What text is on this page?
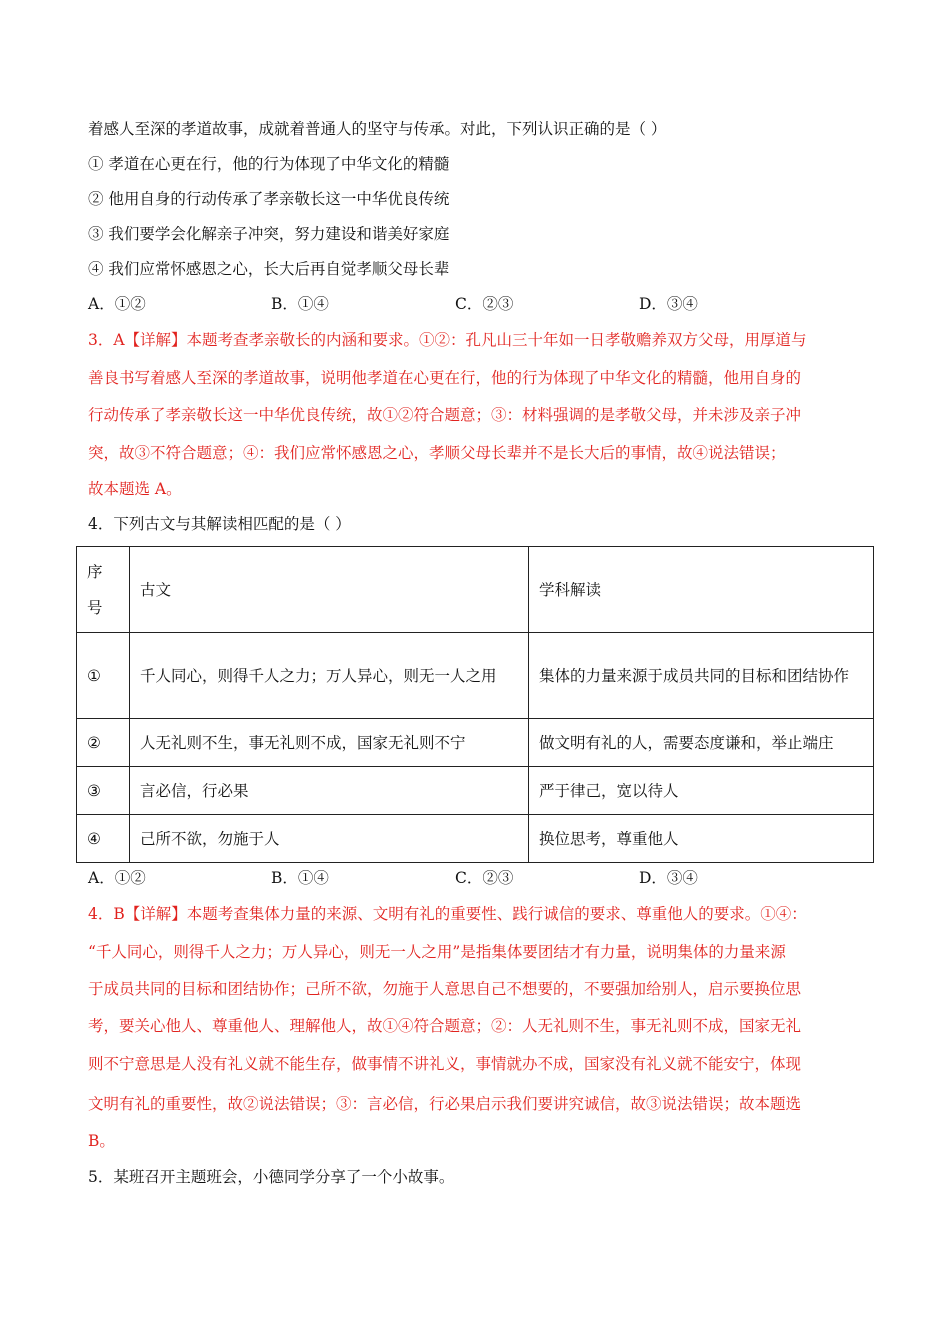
着感人至深的孝道故事，成就着普通人的坚守与传承。对此，下列认识正确的是（ ）
① 孝道在心更在行，他的行为体现了中华文化的精髓
② 他用自身的行动传承了孝亲敬长这一中华优良传统
③ 我们要学会化解亲子冲突，努力建设和谐美好家庭
④ 我们应常怀感恩之心，长大后再自觉孝顺父母长辈
A．①②	B．①④	C．②③	D．③④
3．A【详解】本题考查孝亲敬长的内涵和要求。①②：孔凡山三十年如一日孝敬赡养双方父母，用厚道与
善良书写着感人至深的孝道故事，说明他孝道在心更在行，他的行为体现了中华文化的精髓，他用自身的
行动传承了孝亲敬长这一中华优良传统，故①②符合题意；③：材料强调的是孝敬父母，并未涉及亲子冲
突，故③不符合题意；④：我们应常怀感恩之心，孝顺父母长辈并不是长大后的事情，故④说法错误；
故本题选 A。
4．下列古文与其解读相匹配的是（ ）
序号	古文	学科解读
①	千人同心，则得千人之力；万人异心，则无一人之用	集体的力量来源于成员共同的目标和团结协作
②	人无礼则不生，事无礼则不成，国家无礼则不宁	做文明有礼的人，需要态度谦和，举止端庄
③	言必信，行必果	严于律己，宽以待人
④	己所不欲，勿施于人	换位思考，尊重他人
A．①②	B．①④	C．②③	D．③④
4．B【详解】本题考查集体力量的来源、文明有礼的重要性、践行诚信的要求、尊重他人的要求。①④：
“千人同心，则得千人之力；万人异心，则无一人之用”是指集体要团结才有力量，说明集体的力量来源
于成员共同的目标和团结协作；己所不欲，勿施于人意思自己不想要的，不要强加给别人，启示要换位思
考，要关心他人、尊重他人、理解他人，故①④符合题意；②：人无礼则不生，事无礼则不成，国家无礼
则不宁意思是人没有礼义就不能生存，做事情不讲礼义，事情就办不成，国家没有礼义就不能安宁，体现
文明有礼的重要性，故②说法错误；③：言必信，行必果启示我们要讲究诚信，故③说法错误；故本题选
B。
5．某班召开主题班会，小德同学分享了一个小故事。
